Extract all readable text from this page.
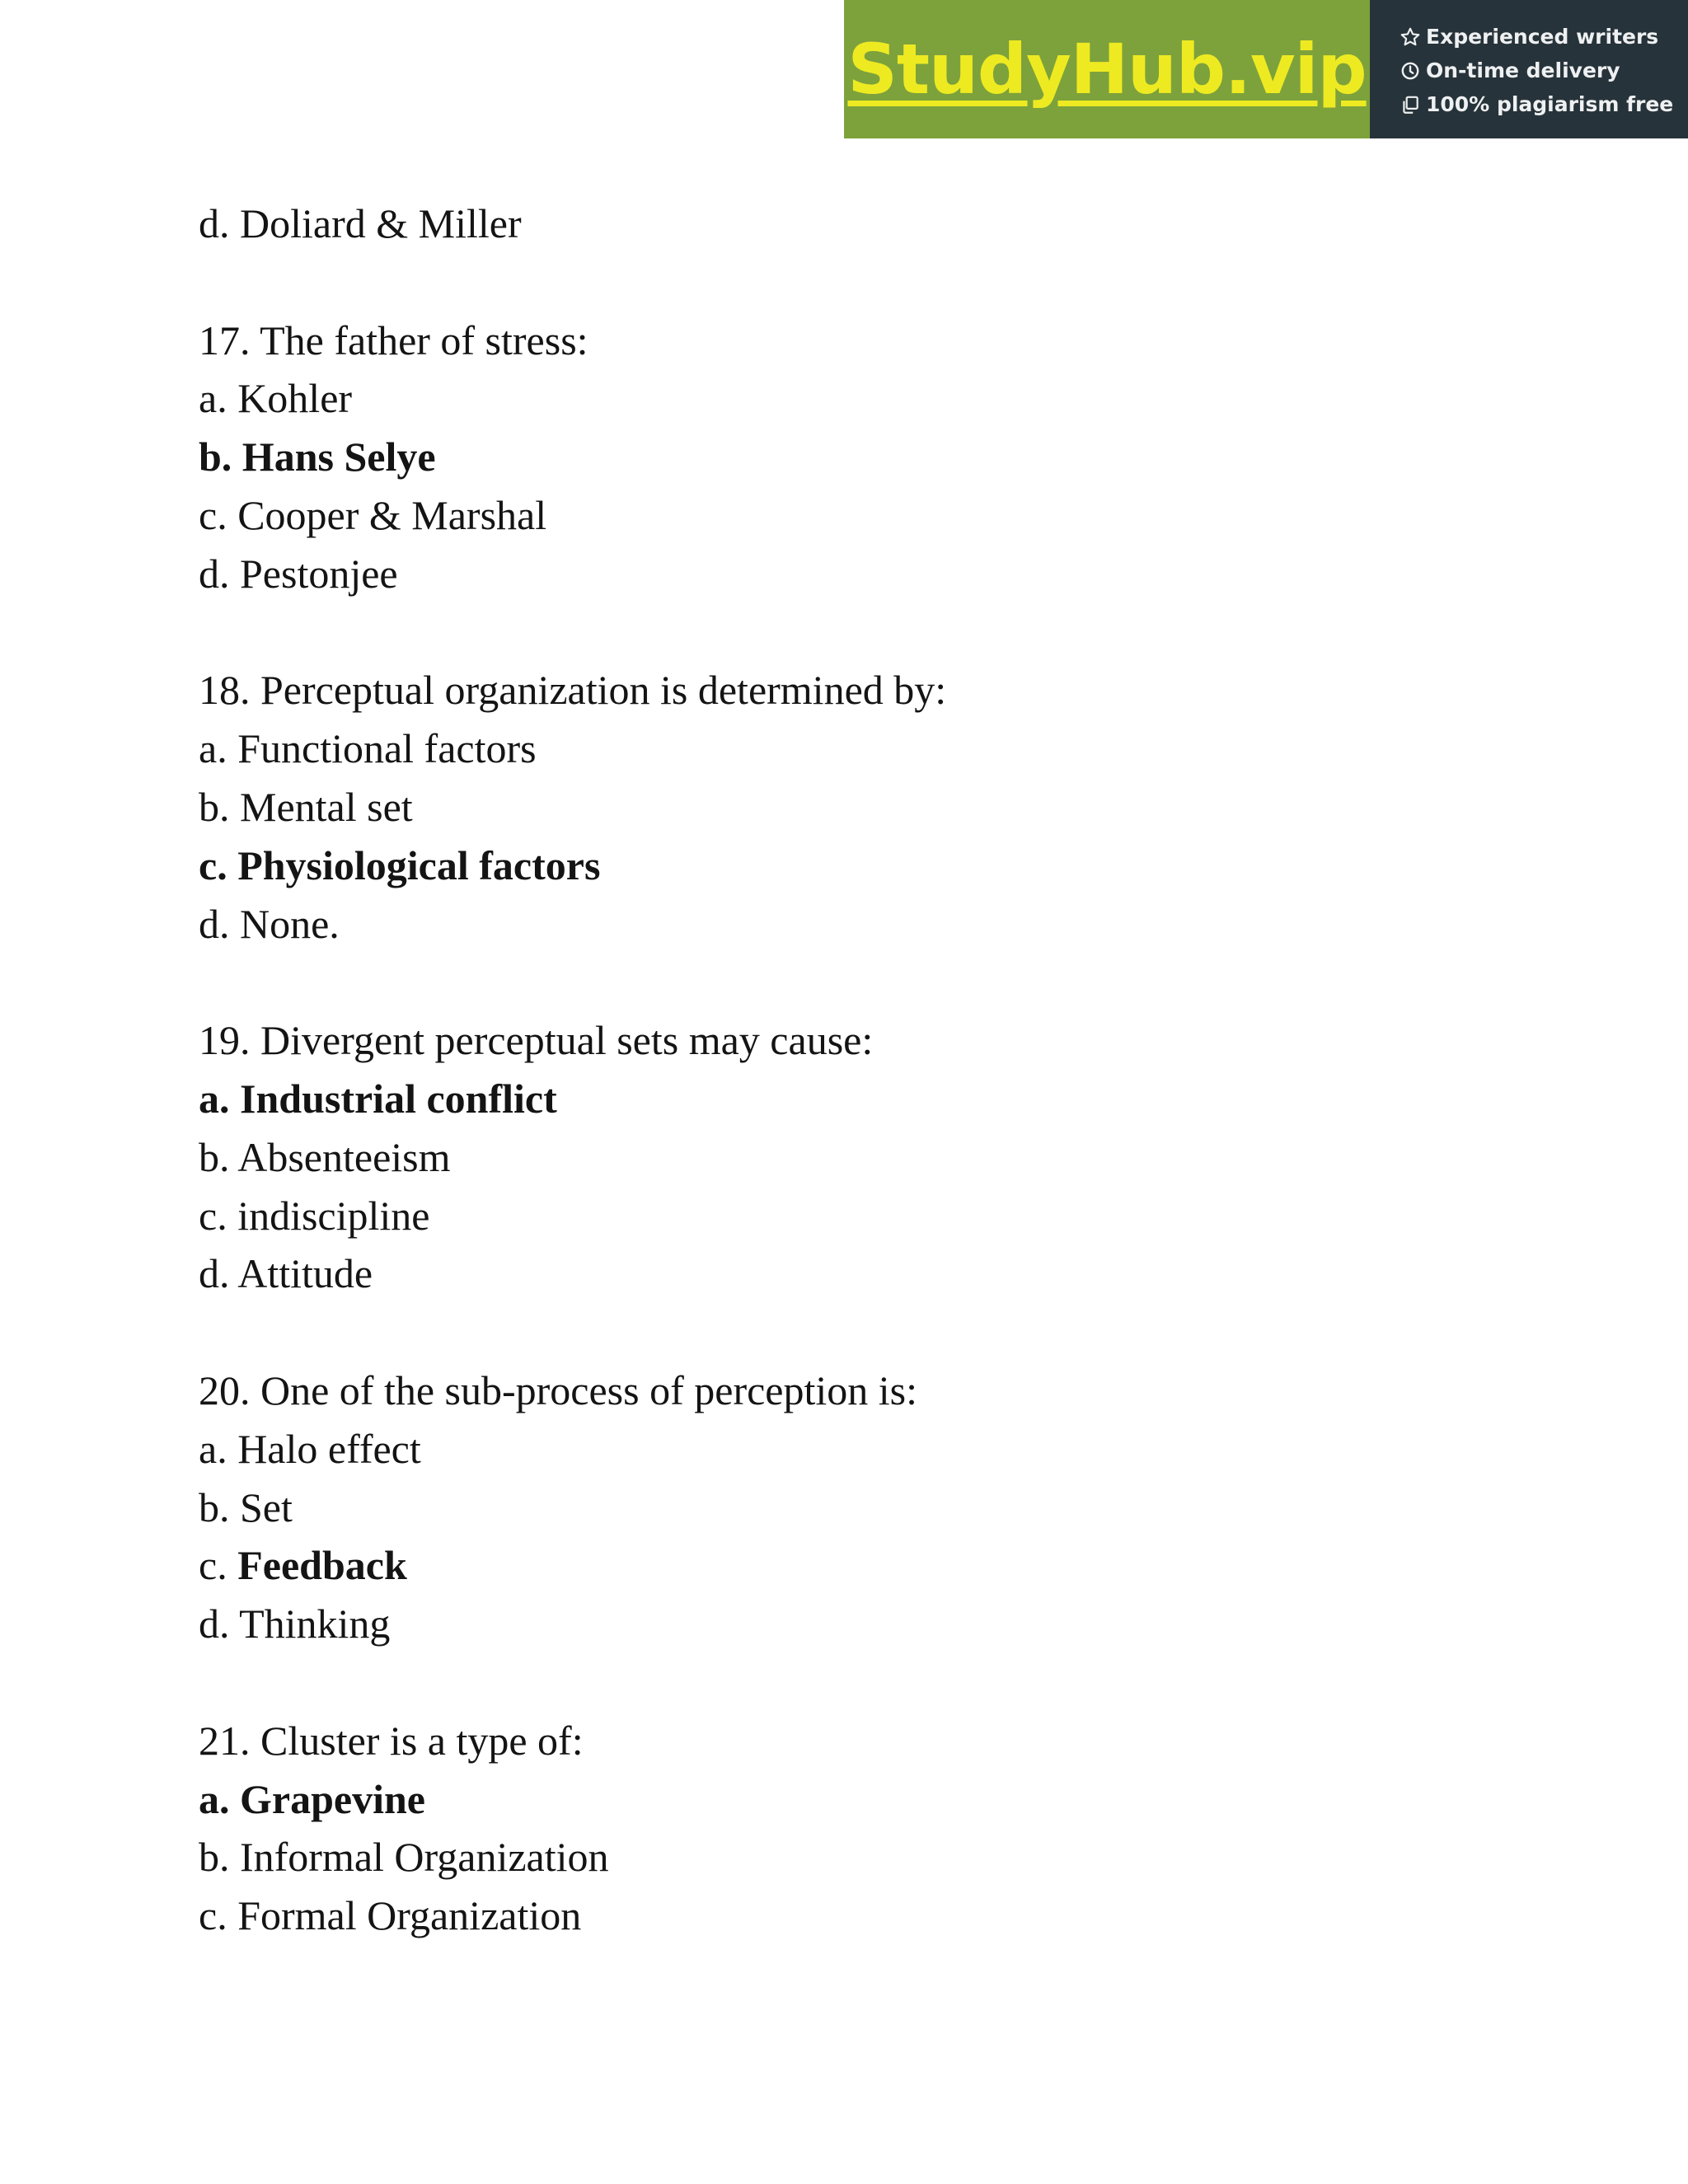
StudyHub.vip	Experienced writers
On-time delivery
100% plagiarism free
d. Doliard & Miller
17. The father of stress:
a. Kohler
b. Hans Selye
c. Cooper & Marshal
d. Pestonjee
18. Perceptual organization is determined by:
a. Functional factors
b. Mental set
c. Physiological factors
d. None.
19. Divergent perceptual sets may cause:
a. Industrial conflict
b. Absenteeism
c. indiscipline
d. Attitude
20. One of the sub-process of perception is:
a. Halo effect
b. Set
c. Feedback
d. Thinking
21. Cluster is a type of:
a. Grapevine
b. Informal Organization
c. Formal Organization
